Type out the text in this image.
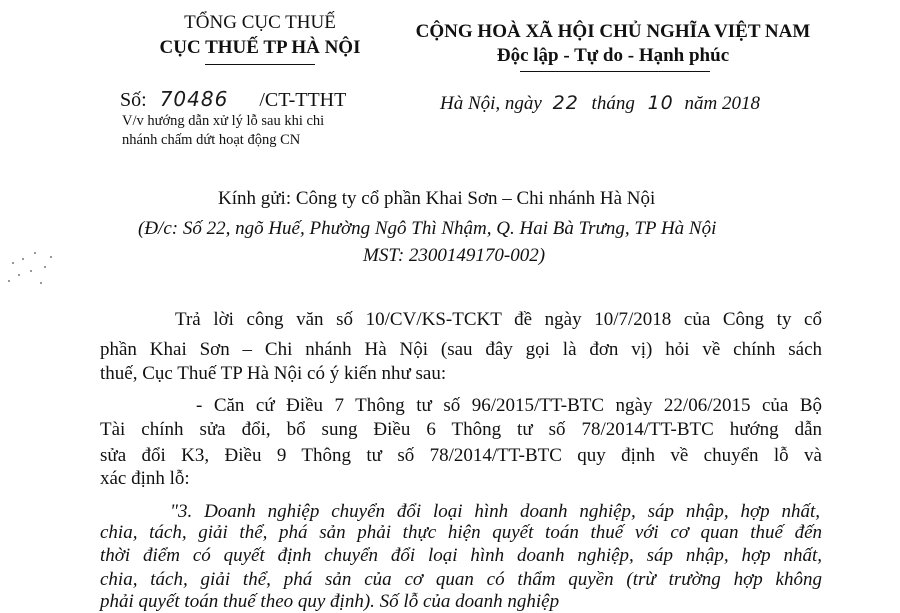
TỔNG CỤC THUẾ
CỤC THUẾ TP HÀ NỘI
Số: 70486 /CT-TTHT
V/v hướng dẫn xử lý lỗ sau khi chi
nhánh chấm dứt hoạt động CN
CỘNG HOÀ XÃ HỘI CHỦ NGHĨA VIỆT NAM
Độc lập - Tự do - Hạnh phúc
Hà Nội, ngày 22 tháng 10 năm 2018
Kính gửi: Công ty cổ phần Khai Sơn – Chi nhánh Hà Nội
(Đ/c: Số 22, ngõ Huế, Phường Ngô Thì Nhậm, Q. Hai Bà Trưng, TP Hà Nội
MST: 2300149170-002)
Trả lời công văn số 10/CV/KS-TCKT đề ngày 10/7/2018 của Công ty cổ
phần Khai Sơn – Chi nhánh Hà Nội (sau đây gọi là đơn vị) hỏi về chính sách
thuế, Cục Thuế TP Hà Nội có ý kiến như sau:
- Căn cứ Điều 7 Thông tư số 96/2015/TT-BTC ngày 22/06/2015 của Bộ
Tài chính sửa đổi, bổ sung Điều 6 Thông tư số 78/2014/TT-BTC hướng dẫn
sửa đổi K3, Điều 9 Thông tư số 78/2014/TT-BTC quy định về chuyển lỗ và
xác định lỗ:
"3. Doanh nghiệp chuyển đổi loại hình doanh nghiệp, sáp nhập, hợp nhất,
chia, tách, giải thể, phá sản phải thực hiện quyết toán thuế với cơ quan thuế đến
thời điểm có quyết định chuyển đổi loại hình doanh nghiệp, sáp nhập, hợp nhất,
chia, tách, giải thể, phá sản của cơ quan có thẩm quyền (trừ trường hợp không
phải quyết toán thuế theo quy định). Số lỗ của doanh nghiệp
